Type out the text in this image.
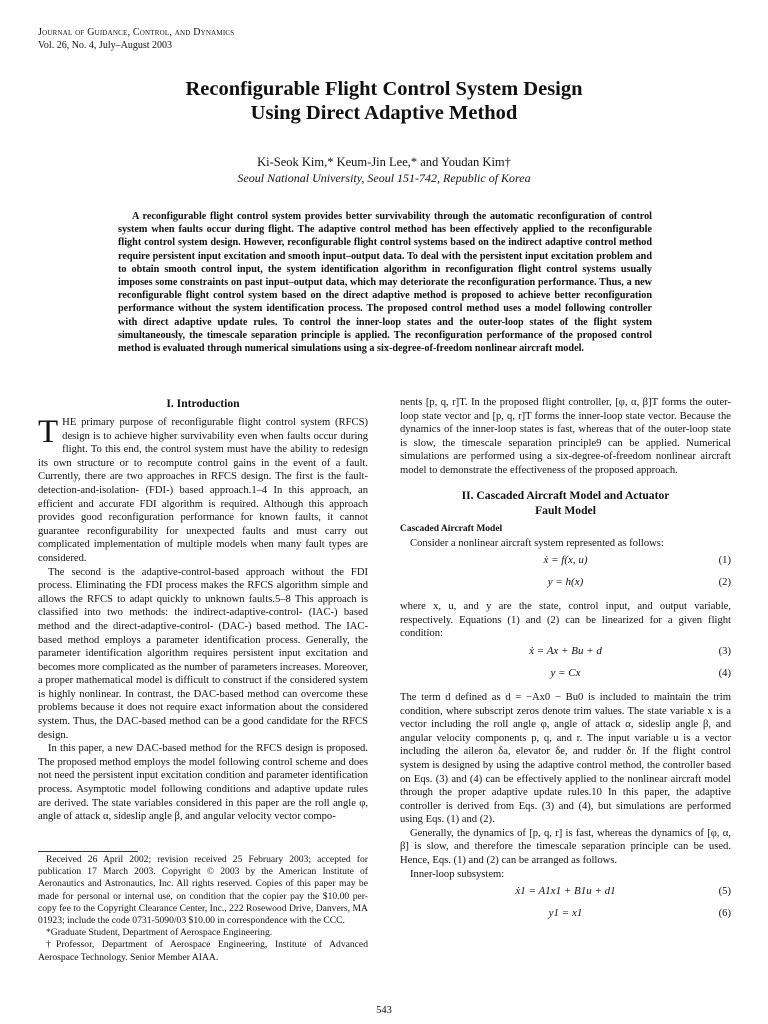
Journal of Guidance, Control, and Dynamics
Vol. 26, No. 4, July–August 2003
Reconfigurable Flight Control System Design
Using Direct Adaptive Method
Ki-Seok Kim,* Keum-Jin Lee,* and Youdan Kim†
Seoul National University, Seoul 151-742, Republic of Korea
A reconfigurable flight control system provides better survivability through the automatic reconfiguration of control system when faults occur during flight. The adaptive control method has been effectively applied to the reconfigurable flight control system design. However, reconfigurable flight control systems based on the indirect adaptive control method require persistent input excitation and smooth input–output data. To deal with the persistent input excitation problem and to obtain smooth control input, the system identification algorithm in reconfiguration flight control systems usually imposes some constraints on past input–output data, which may deteriorate the reconfiguration performance. Thus, a new reconfigurable flight control system based on the direct adaptive method is proposed to achieve better reconfiguration performance without the system identification process. The proposed control method uses a model following controller with direct adaptive update rules. To control the inner-loop states and the outer-loop states of the flight system simultaneously, the timescale separation principle is applied. The reconfiguration performance of the proposed control method is evaluated through numerical simulations using a six-degree-of-freedom nonlinear aircraft model.
I. Introduction

THE primary purpose of reconfigurable flight control system (RFCS) design is to achieve higher survivability even when faults occur during flight. To this end, the control system must have the ability to redesign its own structure or to recompute control gains in the event of a fault. Currently, there are two approaches in RFCS design. The first is the fault-detection-and-isolation- (FDI-) based approach.1–4 In this approach, an efficient and accurate FDI algorithm is required. Although this approach provides good reconfiguration performance for known faults, it cannot guarantee reconfigurability for unexpected faults and must carry out complicated implementation of multiple models when many fault types are considered.

The second is the adaptive-control-based approach without the FDI process. Eliminating the FDI process makes the RFCS algorithm simple and allows the RFCS to adapt quickly to unknown faults.5–8 This approach is classified into two methods: the indirect-adaptive-control- (IAC-) based method and the direct-adaptive-control- (DAC-) based method. The IAC-based method employs a parameter identification process. Generally, the parameter identification algorithm requires persistent input excitation and becomes more complicated as the number of parameters increases. Moreover, a proper mathematical model is difficult to construct if the considered system is highly nonlinear. In contrast, the DAC-based method can overcome these problems because it does not require exact information about the considered system. Thus, the DAC-based method can be a good candidate for the RFCS design.

In this paper, a new DAC-based method for the RFCS design is proposed. The proposed method employs the model following control scheme and does not need the persistent input excitation condition and parameter identification process. Asymptotic model following conditions and adaptive update rules are derived. The state variables considered in this paper are the roll angle φ, angle of attack α, sideslip angle β, and angular velocity vector compo-

nents [p, q, r]T. In the proposed flight controller, [φ, α, β]T forms the outer-loop state vector and [p, q, r]T forms the inner-loop state vector. Because the dynamics of the inner-loop states is fast, whereas that of the outer-loop state is slow, the timescale separation principle9 can be applied. Numerical simulations are performed using a six-degree-of-freedom nonlinear aircraft model to demonstrate the effectiveness of the proposed approach.

II. Cascaded Aircraft Model and Actuator
Fault Model
Cascaded Aircraft Model

Consider a nonlinear aircraft system represented as follows:

ẋ = f(x, u)	(1)
y = h(x)	(2)

where x, u, and y are the state, control input, and output variable, respectively. Equations (1) and (2) can be linearized for a given flight condition:

ẋ = Ax + Bu + d	(3)
y = Cx	(4)

The term d defined as d = −Ax0 − Bu0 is included to maintain the trim condition, where subscript zeros denote trim values. The state variable x is a vector including the roll angle φ, angle of attack α, sideslip angle β, and angular velocity components p, q, and r. The input variable u is a vector including the aileron δa, elevator δe, and rudder δr. If the flight control system is designed by using the adaptive control method, the controller based on Eqs. (3) and (4) can be effectively applied to the nonlinear aircraft model through the proper adaptive update rules.10 In this paper, the adaptive controller is derived from Eqs. (3) and (4), but simulations are performed using Eqs. (1) and (2).

Generally, the dynamics of [p, q, r] is fast, whereas the dynamics of [φ, α, β] is slow, and therefore the timescale separation principle can be used. Hence, Eqs. (1) and (2) can be arranged as follows.

Inner-loop subsystem:

ẋ1 = A1x1 + B1u + d1	(5)
y1 = x1	(6)

Received 26 April 2002; revision received 25 February 2003; accepted for publication 17 March 2003. Copyright © 2003 by the American Institute of Aeronautics and Astronautics, Inc. All rights reserved. Copies of this paper may be made for personal or internal use, on condition that the copier pay the $10.00 per-copy fee to the Copyright Clearance Center, Inc., 222 Rosewood Drive, Danvers, MA 01923; include the code 0731-5090/03 $10.00 in correspondence with the CCC.

*Graduate Student, Department of Aerospace Engineering.

†Professor, Department of Aerospace Engineering, Institute of Advanced Aerospace Technology. Senior Member AIAA.

543
